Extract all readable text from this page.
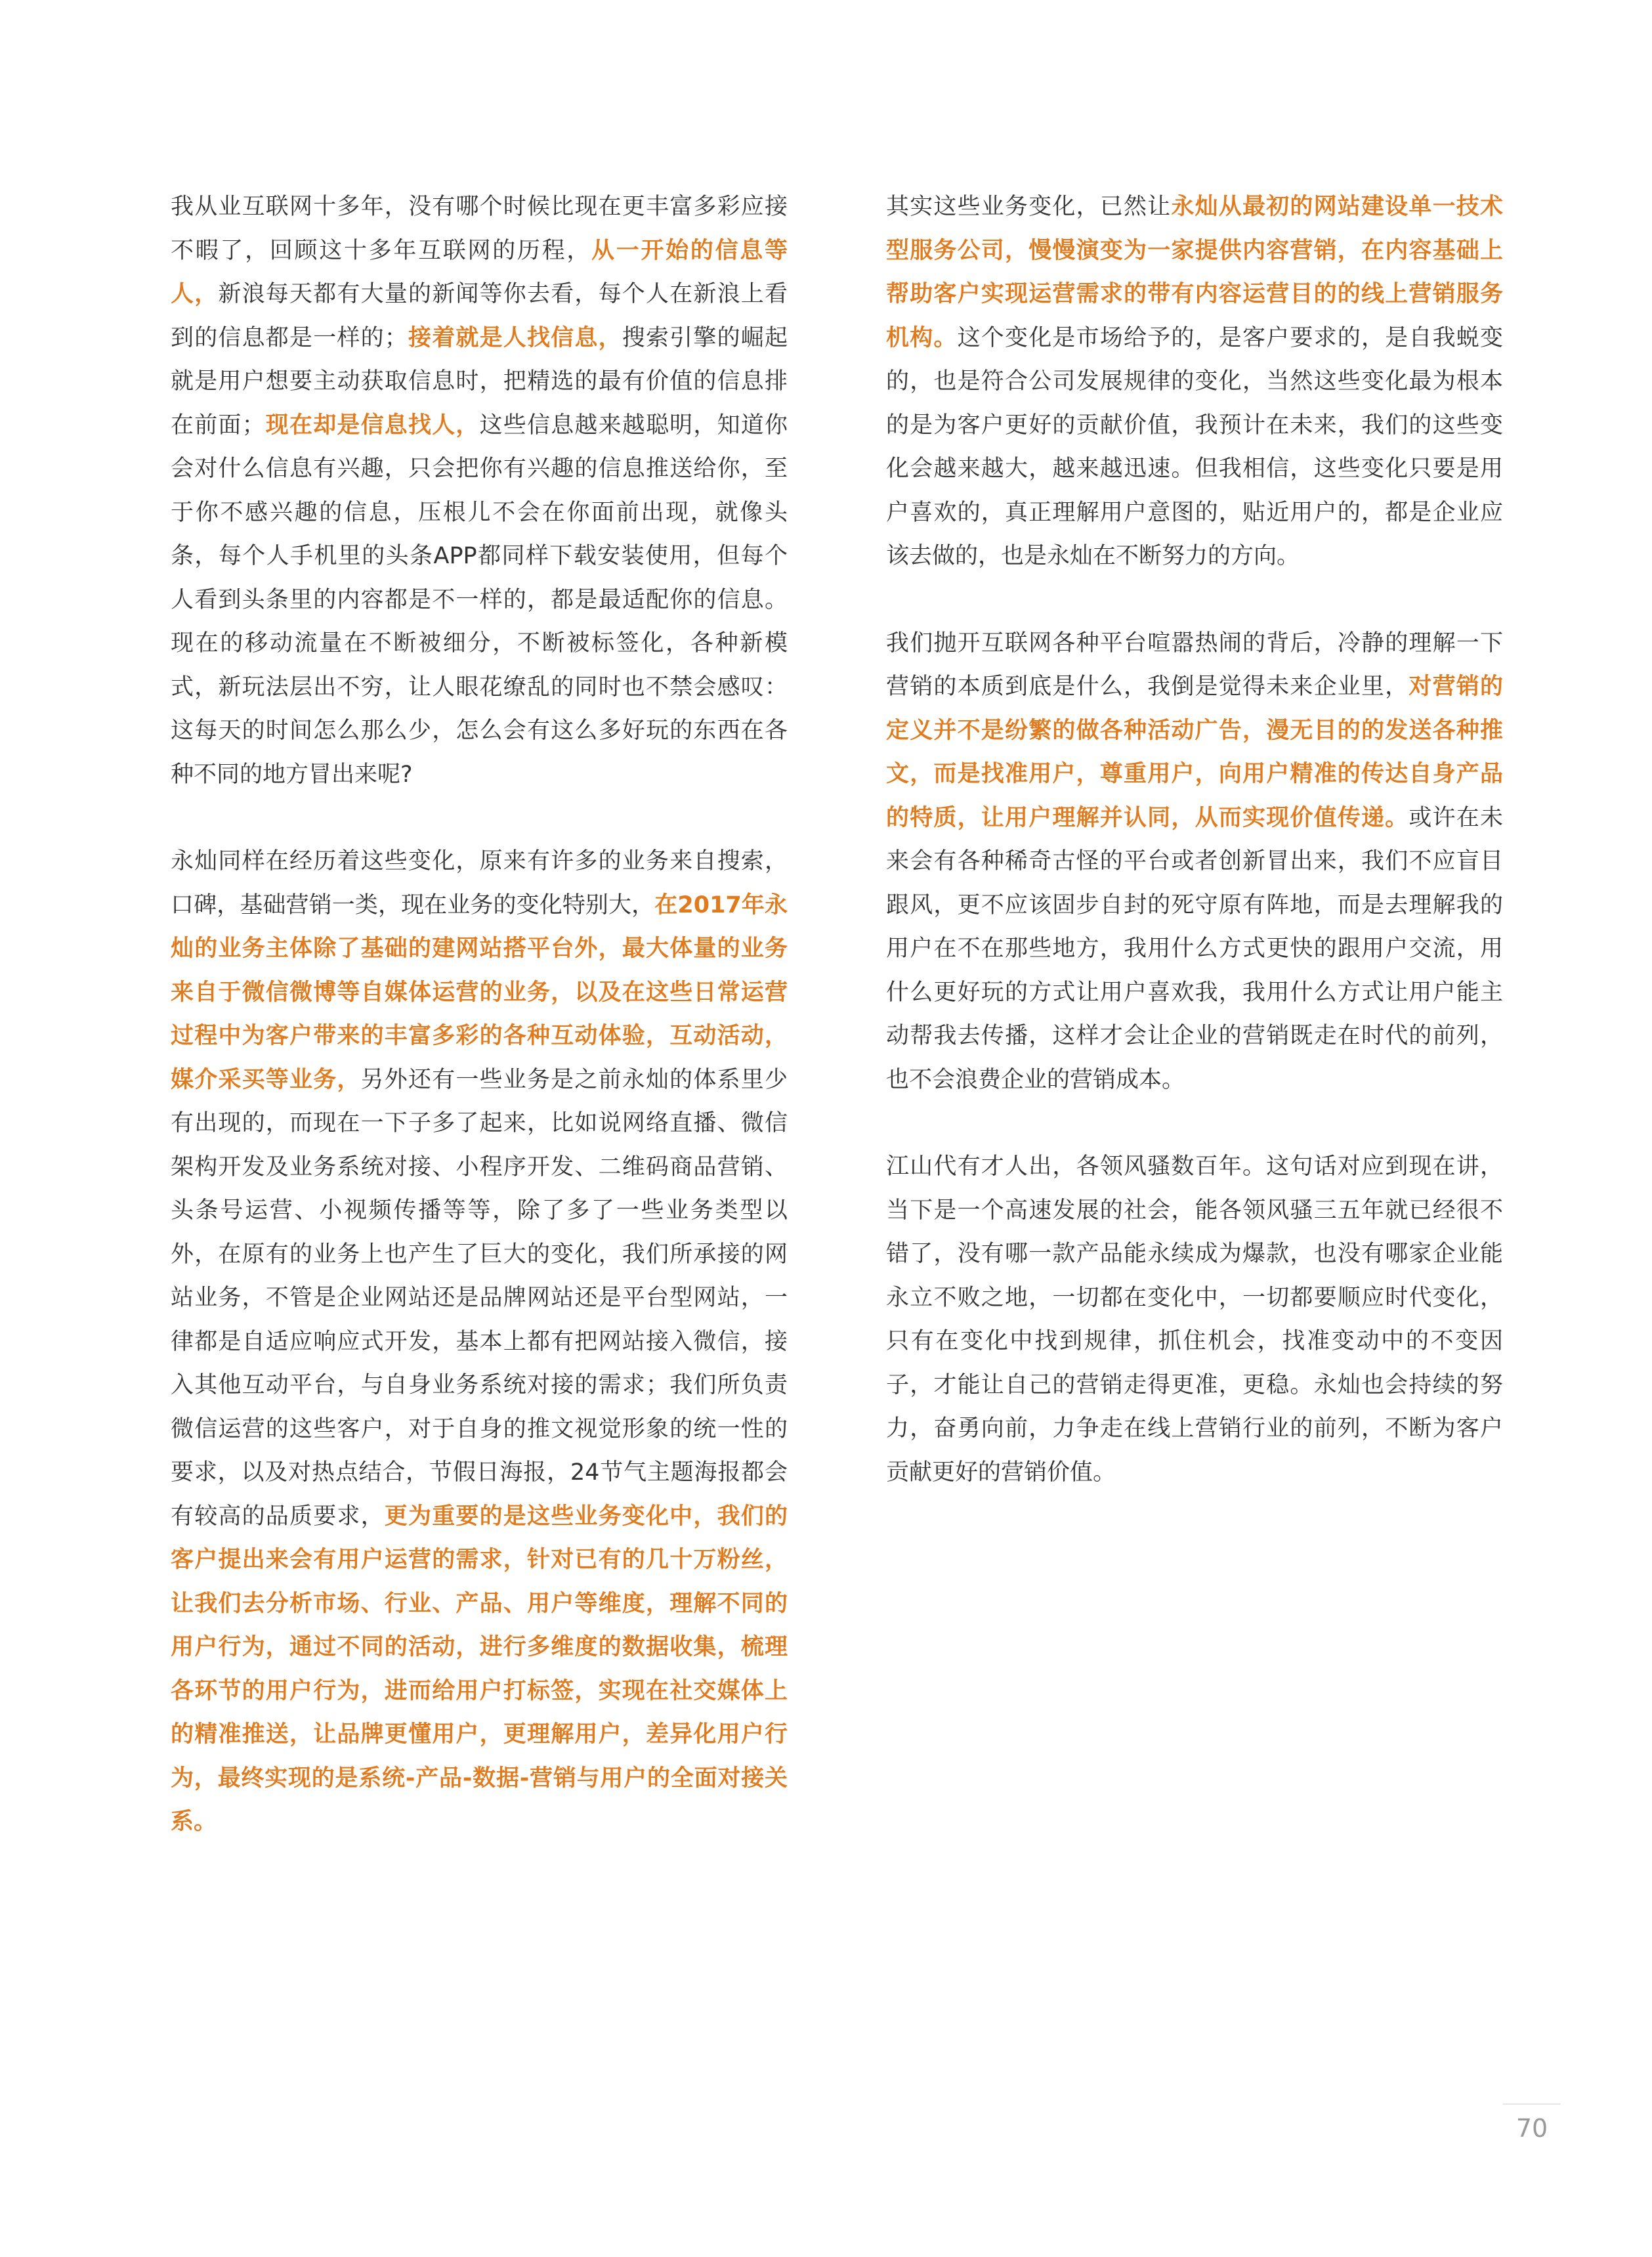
我从业互联网十多年，没有哪个时候比现在更丰富多彩应接不暇了，回顾这十多年互联网的历程，从一开始的信息等人，新浪每天都有大量的新闻等你去看，每个人在新浪上看到的信息都是一样的；接着就是人找信息，搜索引擎的崛起就是用户想要主动获取信息时，把精选的最有价值的信息排在前面；现在却是信息找人，这些信息越来越聪明，知道你会对什么信息有兴趣，只会把你有兴趣的信息推送给你，至于你不感兴趣的信息，压根儿不会在你面前出现，就像头条，每个人手机里的头条APP都同样下载安装使用，但每个人看到头条里的内容都是不一样的，都是最适配你的信息。现在的移动流量在不断被细分，不断被标签化，各种新模式，新玩法层出不穷，让人眼花缭乱的同时也不禁会感叹：这每天的时间怎么那么少，怎么会有这么多好玩的东西在各种不同的地方冒出来呢?

永灿同样在经历着这些变化，原来有许多的业务来自搜索，口碑，基础营销一类，现在业务的变化特别大，在2017年永灿的业务主体除了基础的建网站搭平台外，最大体量的业务来自于微信微博等自媒体运营的业务，以及在这些日常运营过程中为客户带来的丰富多彩的各种互动体验，互动活动，媒介采买等业务，另外还有一些业务是之前永灿的体系里少有出现的，而现在一下子多了起来，比如说网络直播、微信架构开发及业务系统对接、小程序开发、二维码商品营销、头条号运营、小视频传播等等，除了多了一些业务类型以外，在原有的业务上也产生了巨大的变化，我们所承接的网站业务，不管是企业网站还是品牌网站还是平台型网站，一律都是自适应响应式开发，基本上都有把网站接入微信，接入其他互动平台，与自身业务系统对接的需求；我们所负责微信运营的这些客户，对于自身的推文视觉形象的统一性的要求，以及对热点结合，节假日海报，24节气主题海报都会有较高的品质要求，更为重要的是这些业务变化中，我们的客户提出来会有用户运营的需求，针对已有的几十万粉丝，让我们去分析市场、行业、产品、用户等维度，理解不同的用户行为，通过不同的活动，进行多维度的数据收集，梳理各环节的用户行为，进而给用户打标签，实现在社交媒体上的精准推送，让品牌更懂用户，更理解用户，差异化用户行为，最终实现的是系统-产品-数据-营销与用户的全面对接关系。

其实这些业务变化，已然让永灿从最初的网站建设单一技术型服务公司，慢慢演变为一家提供内容营销，在内容基础上帮助客户实现运营需求的带有内容运营目的的线上营销服务机构。这个变化是市场给予的，是客户要求的，是自我蜕变的，也是符合公司发展规律的变化，当然这些变化最为根本的是为客户更好的贡献价值，我预计在未来，我们的这些变化会越来越大，越来越迅速。但我相信，这些变化只要是用户喜欢的，真正理解用户意图的，贴近用户的，都是企业应该去做的，也是永灿在不断努力的方向。

我们抛开互联网各种平台喧嚣热闹的背后，冷静的理解一下营销的本质到底是什么，我倒是觉得未来企业里，对营销的定义并不是纷繁的做各种活动广告，漫无目的的发送各种推文，而是找准用户，尊重用户，向用户精准的传达自身产品的特质，让用户理解并认同，从而实现价值传递。或许在未来会有各种稀奇古怪的平台或者创新冒出来，我们不应盲目跟风，更不应该固步自封的死守原有阵地，而是去理解我的用户在不在那些地方，我用什么方式更快的跟用户交流，用什么更好玩的方式让用户喜欢我，我用什么方式让用户能主动帮我去传播，这样才会让企业的营销既走在时代的前列，也不会浪费企业的营销成本。

江山代有才人出，各领风骚数百年。这句话对应到现在讲，当下是一个高速发展的社会，能各领风骚三五年就已经很不错了，没有哪一款产品能永续成为爆款，也没有哪家企业能永立不败之地，一切都在变化中，一切都要顺应时代变化，只有在变化中找到规律，抓住机会，找准变动中的不变因子，才能让自己的营销走得更准，更稳。永灿也会持续的努力，奋勇向前，力争走在线上营销行业的前列，不断为客户贡献更好的营销价值。

70
